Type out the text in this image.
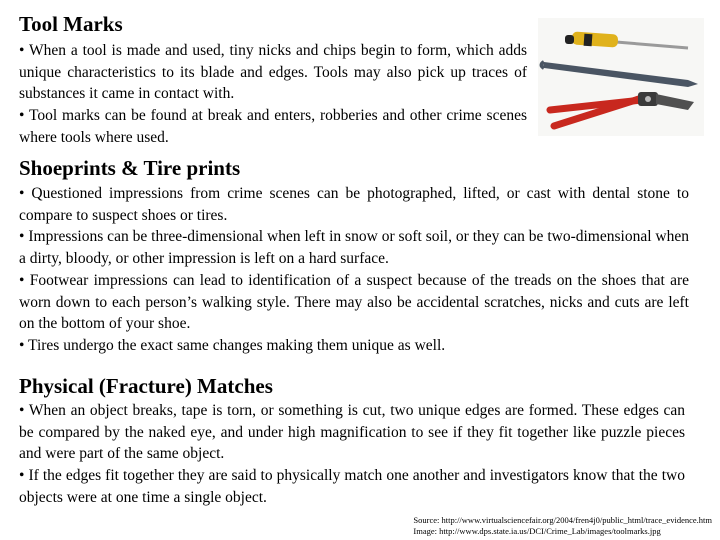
Tool Marks
• When a tool is made and used, tiny nicks and chips begin to form, which adds unique characteristics to its blade and edges. Tools may also pick up traces of substances it came in contact with.
• Tool marks can be found at break and enters, robberies and other crime scenes where tools where used.
Shoeprints & Tire prints
• Questioned impressions from crime scenes can be photographed, lifted, or cast with dental stone to compare to suspect shoes or tires.
• Impressions can be three-dimensional when left in snow or soft soil, or they can be two-dimensional when a dirty, bloody, or other impression is left on a hard surface.
• Footwear impressions can lead to identification of a suspect because of the treads on the shoes that are worn down to each person’s walking style. There may also be accidental scratches, nicks and cuts are left on the bottom of your shoe.
• Tires undergo the exact same changes making them unique as well.
Physical (Fracture) Matches
• When an object breaks, tape is torn, or something is cut, two unique edges are formed. These edges can be compared by the naked eye, and under high magnification to see if they fit together like puzzle pieces and were part of the same object.
• If the edges fit together they are said to physically match one another and investigators know that the two objects were at one time a single object.
Source: http://www.virtualsciencefair.org/2004/fren4j0/public_html/trace_evidence.htm
Image: http://www.dps.state.ia.us/DCI/Crime_Lab/images/toolmarks.jpg
